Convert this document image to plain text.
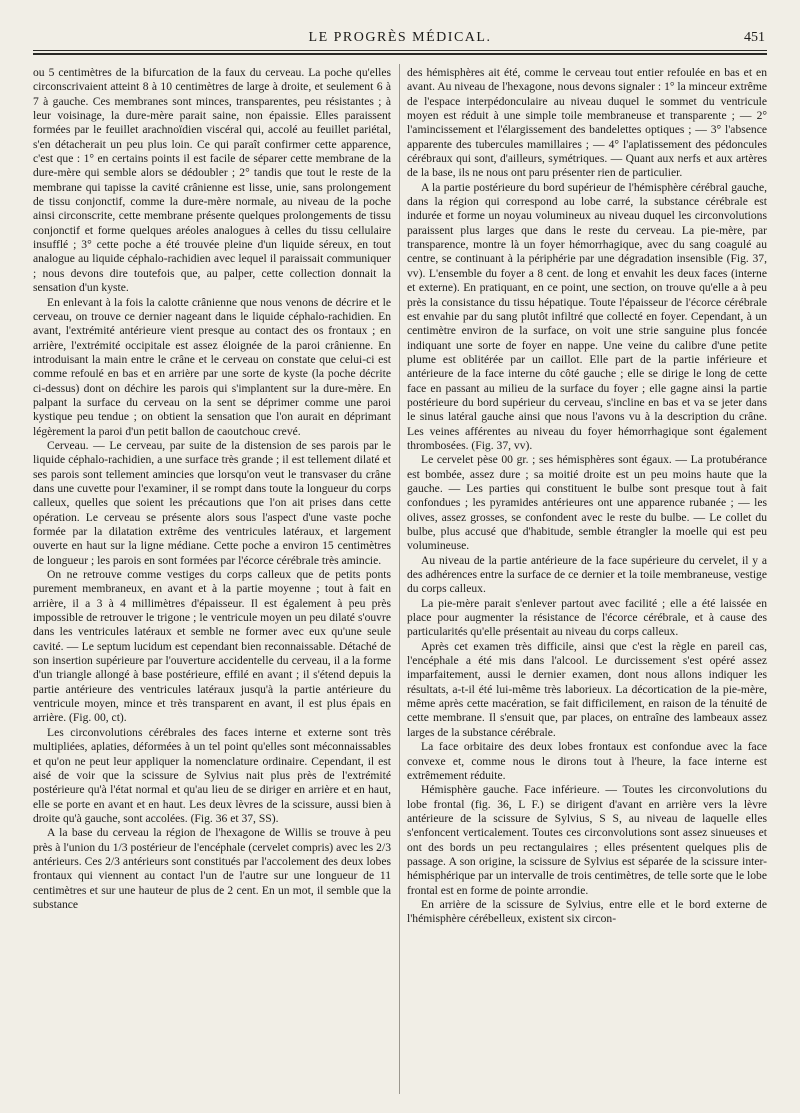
LE PROGRÈS MÉDICAL.	451

ou 5 centimètres de la bifurcation de la faux du cerveau. La poche qu'elles circonscrivaient atteint 8 à 10 centimètres de large à droite, et seulement 6 à 7 à gauche. Ces membranes sont minces, transparentes, peu résistantes ; à leur voisinage, la dure-mère parait saine, non épaissie. Elles paraissent formées par le feuillet arachnoïdien viscéral qui, accolé au feuillet pariétal, s'en détacherait un peu plus loin. Ce qui paraît confirmer cette apparence, c'est que : 1° en certains points il est facile de séparer cette membrane de la dure-mère qui semble alors se dédoubler ; 2° tandis que tout le reste de la membrane qui tapisse la cavité crânienne est lisse, unie, sans prolongement de tissu conjonctif, comme la dure-mère normale, au niveau de la poche ainsi circonscrite, cette membrane présente quelques prolongements de tissu conjonctif et forme quelques aréoles analogues à celles du tissu cellulaire insufflé ; 3° cette poche a été trouvée pleine d'un liquide séreux, en tout analogue au liquide céphalo-rachidien avec lequel il paraissait communiquer ; nous devons dire toutefois que, au palper, cette collection donnait la sensation d'un kyste.

En enlevant à la fois la calotte crânienne que nous venons de décrire et le cerveau, on trouve ce dernier nageant dans le liquide céphalo-rachidien. En avant, l'extrémité antérieure vient presque au contact des os frontaux ; en arrière, l'extrémité occipitale est assez éloignée de la paroi crânienne. En introduisant la main entre le crâne et le cerveau on constate que celui-ci est comme refoulé en bas et en arrière par une sorte de kyste (la poche décrite ci-dessus) dont on déchire les parois qui s'implantent sur la dure-mère. En palpant la surface du cerveau on la sent se déprimer comme une paroi kystique peu tendue ; on obtient la sensation que l'on aurait en déprimant légèrement la paroi d'un petit ballon de caoutchouc crevé.

Cerveau. — Le cerveau, par suite de la distension de ses parois par le liquide céphalo-rachidien, a une surface très grande ; il est tellement dilaté et ses parois sont tellement amincies que lorsqu'on veut le transvaser du crâne dans une cuvette pour l'examiner, il se rompt dans toute la longueur du corps calleux, quelles que soient les précautions que l'on ait prises dans cette opération. Le cerveau se présente alors sous l'aspect d'une vaste poche formée par la dilatation extrême des ventricules latéraux, et largement ouverte en haut sur la ligne médiane. Cette poche a environ 15 centimètres de longueur ; les parois en sont formées par l'écorce cérébrale très amincie.

On ne retrouve comme vestiges du corps calleux que de petits ponts purement membraneux, en avant et à la partie moyenne ; tout à fait en arrière, il a 3 à 4 millimètres d'épaisseur. Il est également à peu près impossible de retrouver le trigone ; le ventricule moyen un peu dilaté s'ouvre dans les ventricules latéraux et semble ne former avec eux qu'une seule cavité. — Le septum lucidum est cependant bien reconnaissable. Détaché de son insertion supérieure par l'ouverture accidentelle du cerveau, il a la forme d'un triangle allongé à base postérieure, effilé en avant ; il s'étend depuis la partie antérieure des ventricules latéraux jusqu'à la partie antérieure du ventricule moyen, mince et très transparent en avant, il est plus épais en arrière. (Fig. 00, ct).

Les circonvolutions cérébrales des faces interne et externe sont très multipliées, aplaties, déformées à un tel point qu'elles sont méconnaissables et qu'on ne peut leur appliquer la nomenclature ordinaire. Cependant, il est aisé de voir que la scissure de Sylvius nait plus près de l'extrémité postérieure qu'à l'état normal et qu'au lieu de se diriger en arrière et en haut, elle se porte en avant et en haut. Les deux lèvres de la scissure, aussi bien à droite qu'à gauche, sont accolées. (Fig. 36 et 37, SS).

A la base du cerveau la région de l'hexagone de Willis se trouve à peu près à l'union du 1/3 postérieur de l'encéphale (cervelet compris) avec les 2/3 antérieurs. Ces 2/3 antérieurs sont constitués par l'accolement des deux lobes frontaux qui viennent au contact l'un de l'autre sur une longueur de 11 centimètres et sur une hauteur de plus de 2 cent. En un mot, il semble que la substance

des hémisphères ait été, comme le cerveau tout entier refoulée en bas et en avant. Au niveau de l'hexagone, nous devons signaler : 1° la minceur extrême de l'espace interpédonculaire au niveau duquel le sommet du ventricule moyen est réduit à une simple toile membraneuse et transparente ; — 2° l'amincissement et l'élargissement des bandelettes optiques ; — 3° l'absence apparente des tubercules mamillaires ; — 4° l'aplatissement des pédoncules cérébraux qui sont, d'ailleurs, symétriques. — Quant aux nerfs et aux artères de la base, ils ne nous ont paru présenter rien de particulier.

A la partie postérieure du bord supérieur de l'hémisphère cérébral gauche, dans la région qui correspond au lobe carré, la substance cérébrale est indurée et forme un noyau volumineux au niveau duquel les circonvolutions paraissent plus larges que dans le reste du cerveau. La pie-mère, par transparence, montre là un foyer hémorrhagique, avec du sang coagulé au centre, se continuant à la périphérie par une dégradation insensible (Fig. 37, vv). L'ensemble du foyer a 8 cent. de long et envahit les deux faces (interne et externe). En pratiquant, en ce point, une section, on trouve qu'elle a à peu près la consistance du tissu hépatique. Toute l'épaisseur de l'écorce cérébrale est envahie par du sang plutôt infiltré que collecté en foyer. Cependant, à un centimètre environ de la surface, on voit une strie sanguine plus foncée indiquant une sorte de foyer en nappe. Une veine du calibre d'une petite plume est oblitérée par un caillot. Elle part de la partie inférieure et antérieure de la face interne du côté gauche ; elle se dirige le long de cette face en passant au milieu de la surface du foyer ; elle gagne ainsi la partie postérieure du bord supérieur du cerveau, s'incline en bas et va se jeter dans le sinus latéral gauche ainsi que nous l'avons vu à la description du crâne. Les veines afférentes au niveau du foyer hémorrhagique sont également thrombosées. (Fig. 37, vv).

Le cervelet pèse 00 gr. ; ses hémisphères sont égaux. — La protubérance est bombée, assez dure ; sa moitié droite est un peu moins haute que la gauche. — Les parties qui constituent le bulbe sont presque tout à fait confondues ; les pyramides antérieures ont une apparence rubanée ; — les olives, assez grosses, se confondent avec le reste du bulbe. — Le collet du bulbe, plus accusé que d'habitude, semble étrangler la moelle qui est peu volumineuse.

Au niveau de la partie antérieure de la face supérieure du cervelet, il y a des adhérences entre la surface de ce dernier et la toile membraneuse, vestige du corps calleux.

La pie-mère parait s'enlever partout avec facilité ; elle a été laissée en place pour augmenter la résistance de l'écorce cérébrale, et à cause des particularités qu'elle présentait au niveau du corps calleux.

Après cet examen très difficile, ainsi que c'est la règle en pareil cas, l'encéphale a été mis dans l'alcool. Le durcissement s'est opéré assez imparfaitement, aussi le dernier examen, dont nous allons indiquer les résultats, a-t-il été lui-même très laborieux. La décortication de la pie-mère, même après cette macération, se fait difficilement, en raison de la ténuité de cette membrane. Il s'ensuit que, par places, on entraîne des lambeaux assez larges de la substance cérébrale.

La face orbitaire des deux lobes frontaux est confondue avec la face convexe et, comme nous le dirons tout à l'heure, la face interne est extrêmement réduite.

Hémisphère gauche. Face inférieure. — Toutes les circonvolutions du lobe frontal (fig. 36, L F.) se dirigent d'avant en arrière vers la lèvre antérieure de la scissure de Sylvius, S S, au niveau de laquelle elles s'enfoncent verticalement. Toutes ces circonvolutions sont assez sinueuses et ont des bords un peu rectangulaires ; elles présentent quelques plis de passage. A son origine, la scissure de Sylvius est séparée de la scissure inter-hémisphérique par un intervalle de trois centimètres, de telle sorte que le lobe frontal est en forme de pointe arrondie.

En arrière de la scissure de Sylvius, entre elle et le bord externe de l'hémisphère cérébelleux, existent six circon-
